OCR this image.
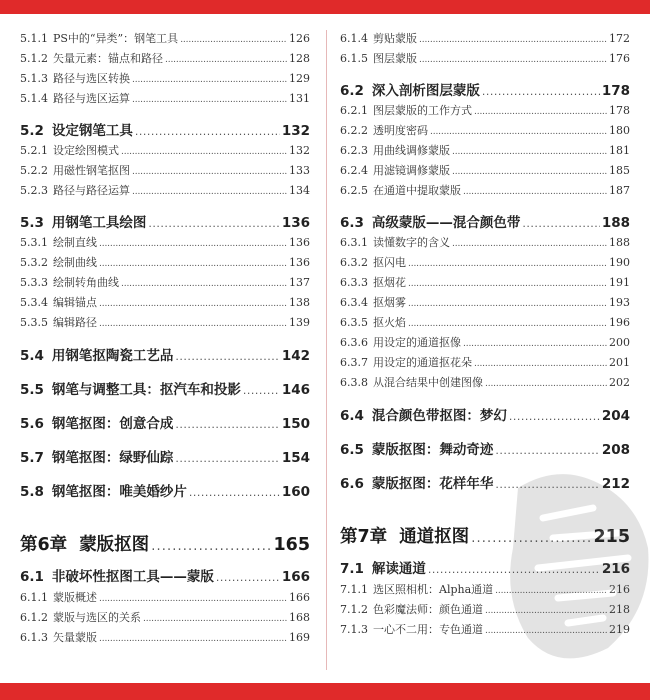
5.1.1 PS中的“异类”：钢笔工具 . . .	126
5.1.2 矢量元素：锚点和路径 . . .	128
5.1.3 路径与选区转换 . . .	129
5.1.4 路径与选区运算 . . .	131
5.2 设定钢笔工具 . . .	132
5.2.1 设定绘图模式 . . .	132
5.2.2 用磁性钢笔抠图 . . .	133
5.2.3 路径与路径运算 . . .	134
5.3 用钢笔工具绘图 . . .	136
5.3.1 绘制直线 . . .	136
5.3.2 绘制曲线 . . .	136
5.3.3 绘制转角曲线 . . .	137
5.3.4 编辑锚点 . . .	138
5.3.5 编辑路径 . . .	139
5.4 用钢笔抠陶瓷工艺品 . . .	142
5.5 钢笔与调整工具：抠汽车和投影 . . .	146
5.6 钢笔抠图：创意合成 . . .	150
5.7 钢笔抠图：绿野仙踪 . . .	154
5.8 钢笔抠图：唯美婚纱片 . . .	160
第6章 蒙版抠图 . . .	165
6.1 非破坏性抠图工具——蒙版 . . .	166
6.1.1 蒙版概述 . . .	166
6.1.2 蒙版与选区的关系 . . .	168
6.1.3 矢量蒙版 . . .	169
6.1.4 剪贴蒙版 . . .	172
6.1.5 图层蒙版 . . .	176
6.2 深入剖析图层蒙版 . . .	178
6.2.1 图层蒙版的工作方式 . . .	178
6.2.2 透明度密码 . . .	180
6.2.3 用曲线调修蒙版 . . .	181
6.2.4 用滤镜调修蒙版 . . .	185
6.2.5 在通道中提取蒙版 . . .	187
6.3 高级蒙版——混合颜色带 . . .	188
6.3.1 读懂数字的含义 . . .	188
6.3.2 抠闪电 . . .	190
6.3.3 抠烟花 . . .	191
6.3.4 抠烟雾 . . .	193
6.3.5 抠火焰 . . .	196
6.3.6 用设定的通道抠像 . . .	200
6.3.7 用设定的通道抠花朵 . . .	201
6.3.8 从混合结果中创建图像 . . .	202
6.4 混合颜色带抠图：梦幻 . . .	204
6.5 蒙版抠图：舞动奇迹 . . .	208
6.6 蒙版抠图：花样年华 . . .	212
第7章 通道抠图 . . .	215
7.1 解读通道 . . .	216
7.1.1 选区照相机：Alpha通道 . . .	216
7.1.2 色彩魔法师：颜色通道 . . .	218
7.1.3 一心不二用：专色通道 . . .	219
